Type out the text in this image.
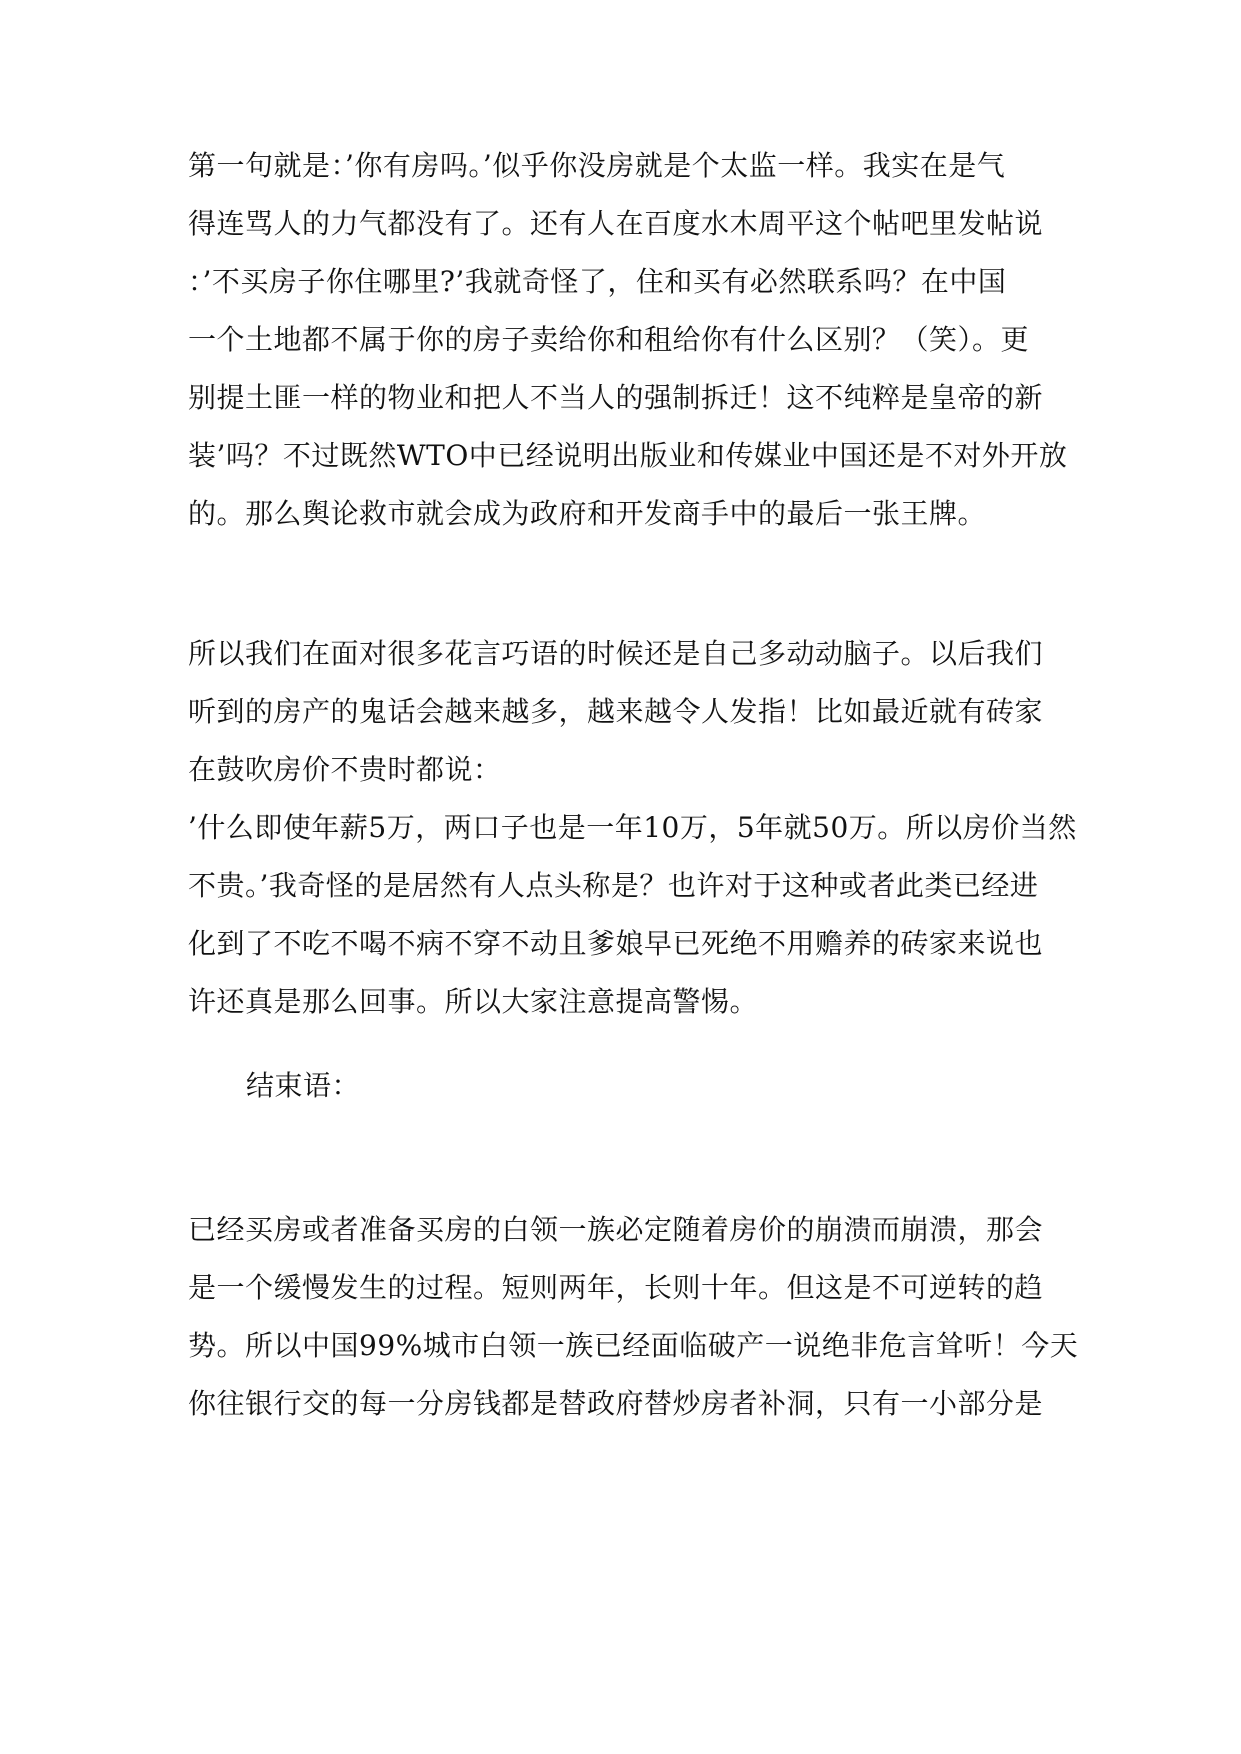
第一句就是：’你有房吗。’似乎你没房就是个太监一样。我实在是气

得连骂人的力气都没有了。还有人在百度水木周平这个帖吧里发帖说

：’不买房子你住哪里?’我就奇怪了，住和买有必然联系吗？在中国

一个土地都不属于你的房子卖给你和租给你有什么区别？（笑）。更

别提土匪一样的物业和把人不当人的强制拆迁！这不纯粹是皇帝的新

装’吗？不过既然WTO中已经说明出版业和传媒业中国还是不对外开放

的。那么舆论救市就会成为政府和开发商手中的最后一张王牌。

所以我们在面对很多花言巧语的时候还是自己多动动脑子。以后我们

听到的房产的鬼话会越来越多，越来越令人发指！比如最近就有砖家

在鼓吹房价不贵时都说：

’什么即使年薪5万，两口子也是一年10万，5年就50万。所以房价当然

不贵。’我奇怪的是居然有人点头称是？也许对于这种或者此类已经进

化到了不吃不喝不病不穿不动且爹娘早已死绝不用赡养的砖家来说也

许还真是那么回事。所以大家注意提高警惕。

结束语：

已经买房或者准备买房的白领一族必定随着房价的崩溃而崩溃，那会

是一个缓慢发生的过程。短则两年，长则十年。但这是不可逆转的趋

势。所以中国99%城市白领一族已经面临破产一说绝非危言耸听！今天

你往银行交的每一分房钱都是替政府替炒房者补洞，只有一小部分是
